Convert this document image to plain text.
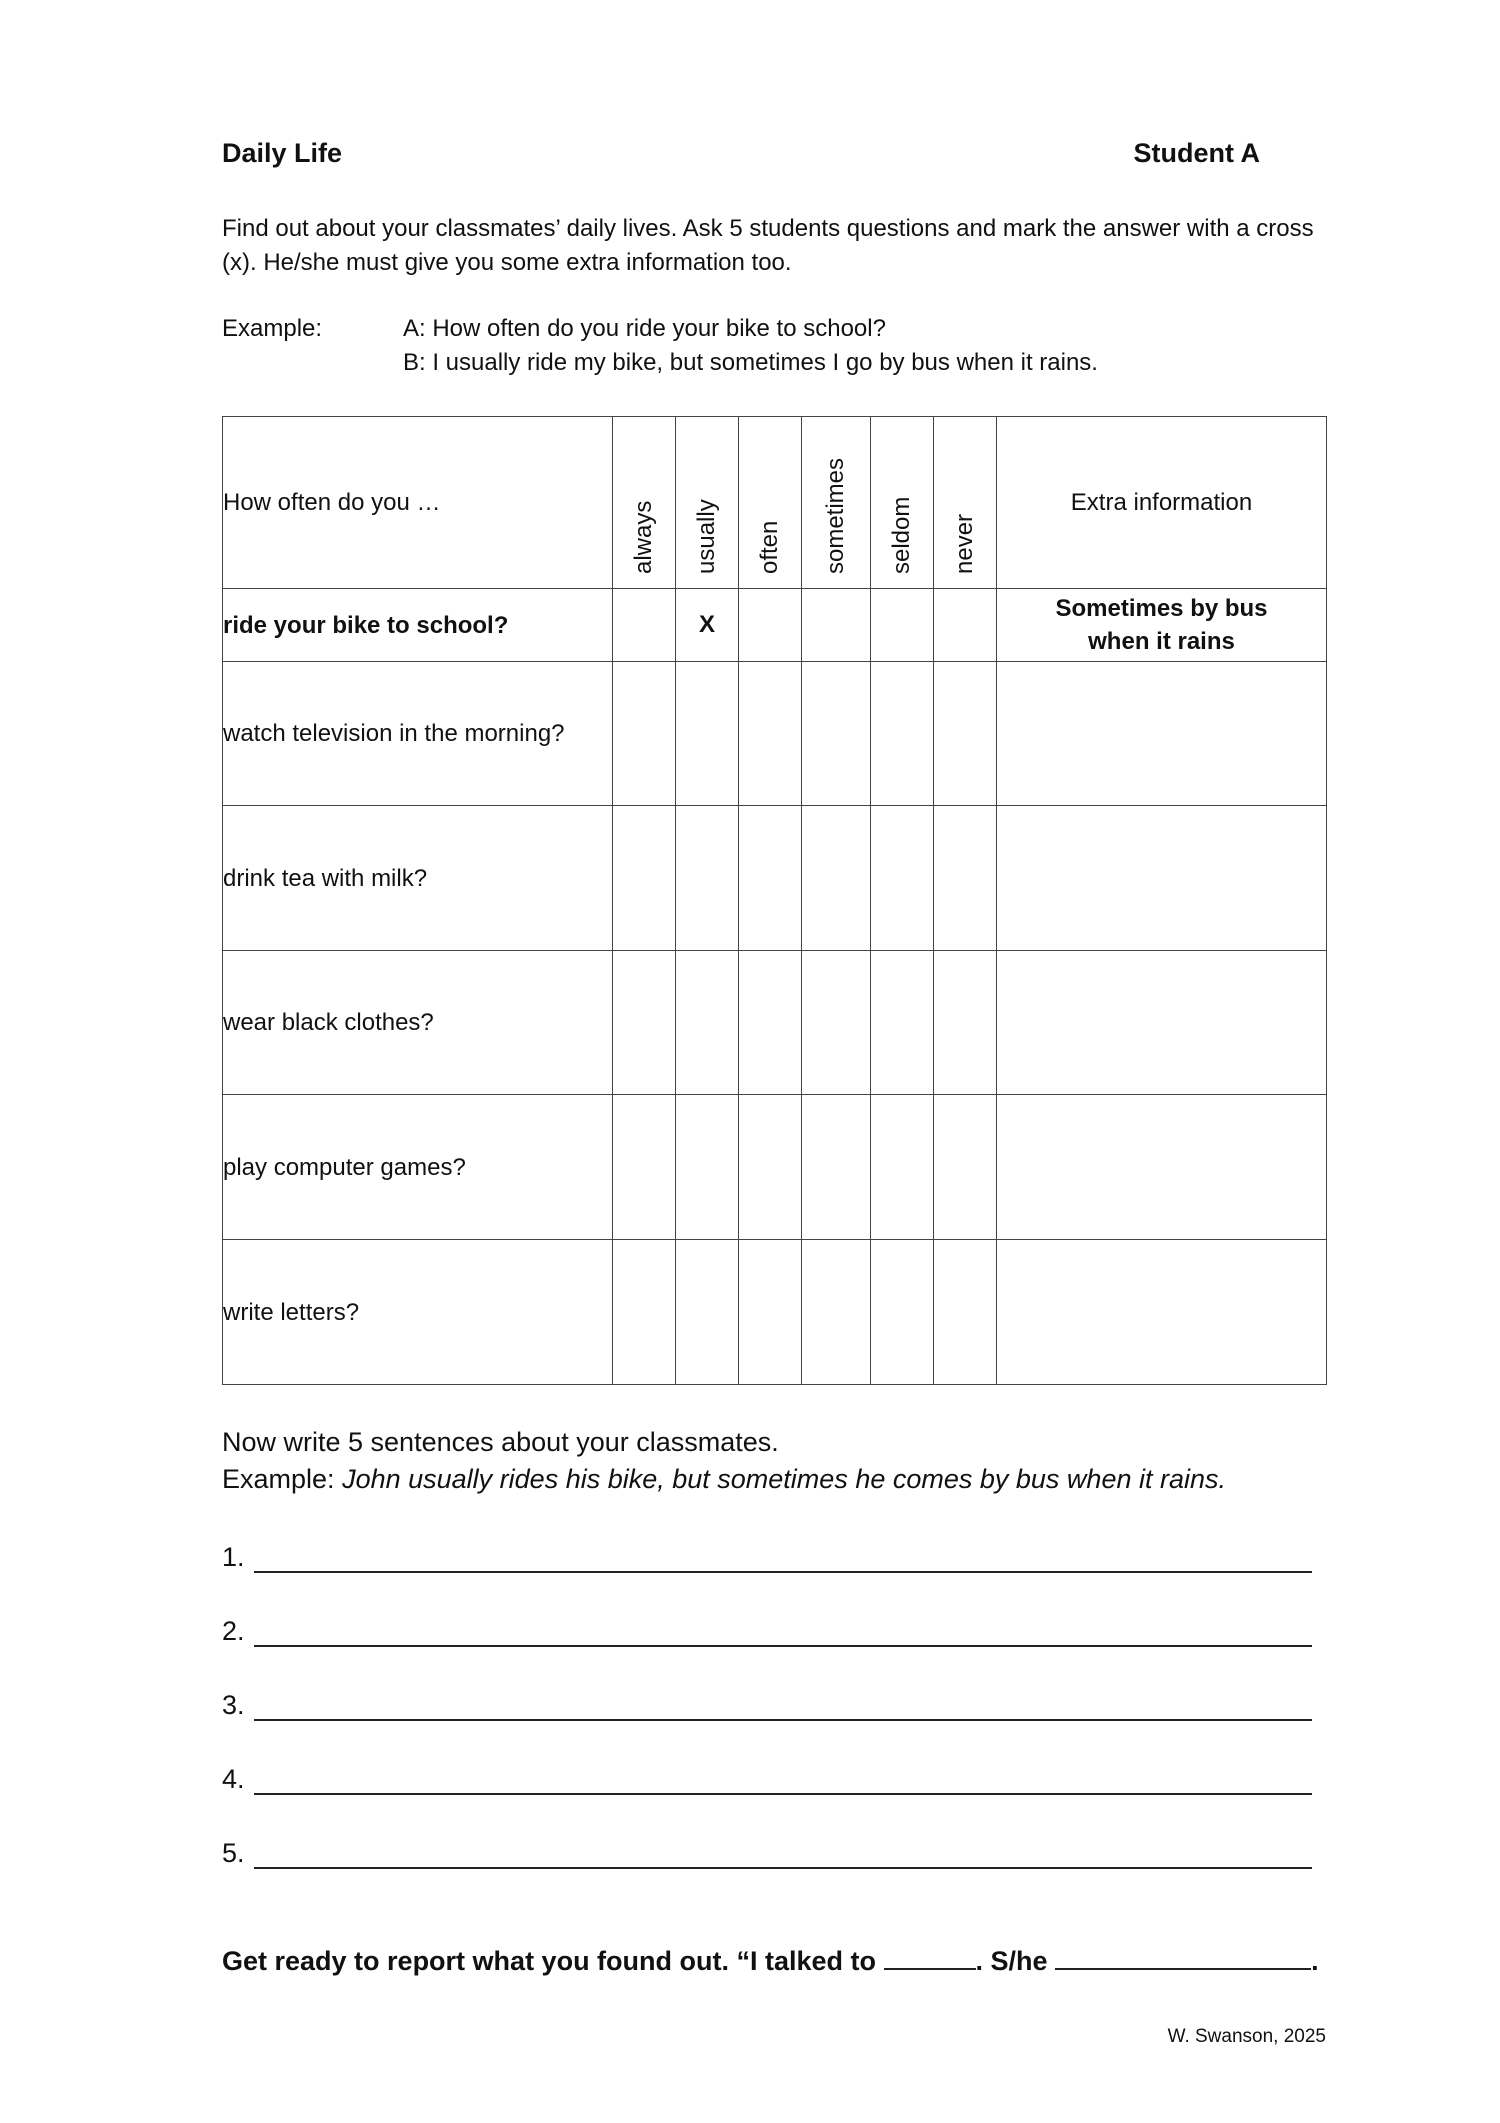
Daily Life	Student A
Find out about your classmates’ daily lives. Ask 5 students questions and mark the answer with a cross (x). He/she must give you some extra information too.
Example:	A: How often do you ride your bike to school?
B: I usually ride my bike, but sometimes I go by bus when it rains.
How often do you …	always	usually	often	sometimes	seldom	never	Extra information
ride your bike to school?		X					Sometimes by bus
when it rains

watch television in the morning?							
drink tea with milk?							
wear black clothes?							
play computer games?							
write letters?							
Now write 5 sentences about your classmates.
Example: John usually rides his bike, but sometimes he comes by bus when it rains.
1.
2.
3.
4.
5.
Get ready to report what you found out. “I talked to	. S/he	.
W. Swanson, 2025
